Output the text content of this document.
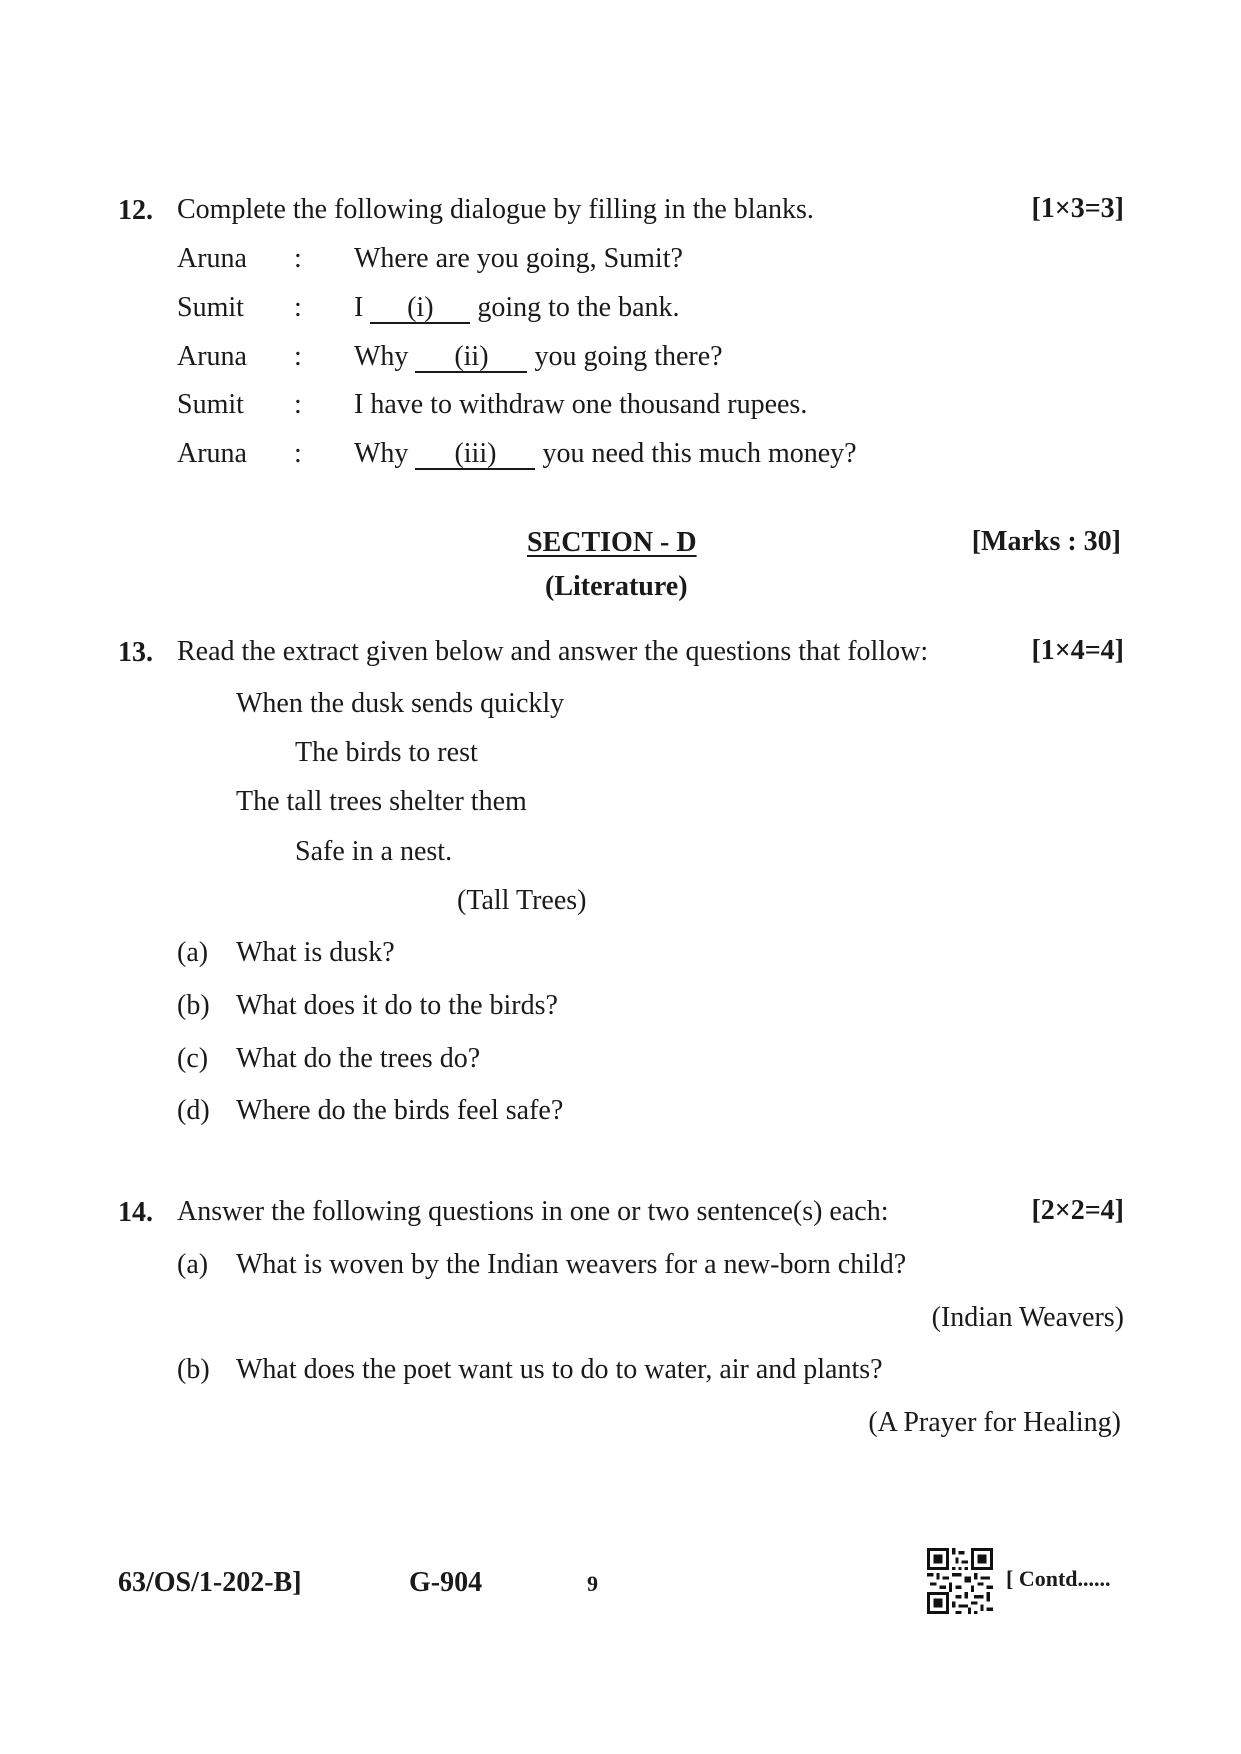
12. Complete the following dialogue by filling in the blanks.	[1×3=3]
Aruna : Where are you going, Sumit?
Sumit : I (i) going to the bank.
Aruna : Why (ii) you going there?
Sumit : I have to withdraw one thousand rupees.
Aruna : Why (iii) you need this much money?
SECTION - D	[Marks : 30]
(Literature)
13. Read the extract given below and answer the questions that follow:	[1×4=4]
When the dusk sends quickly
The birds to rest
The tall trees shelter them
Safe in a nest.
(Tall Trees)
(a) What is dusk?
(b) What does it do to the birds?
(c) What do the trees do?
(d) Where do the birds feel safe?
14. Answer the following questions in one or two sentence(s) each:	[2×2=4]
(a) What is woven by the Indian weavers for a new-born child?
(Indian Weavers)
(b) What does the poet want us to do to water, air and plants?
(A Prayer for Healing)
63/OS/1-202-B]	G-904	9	[ Contd......
